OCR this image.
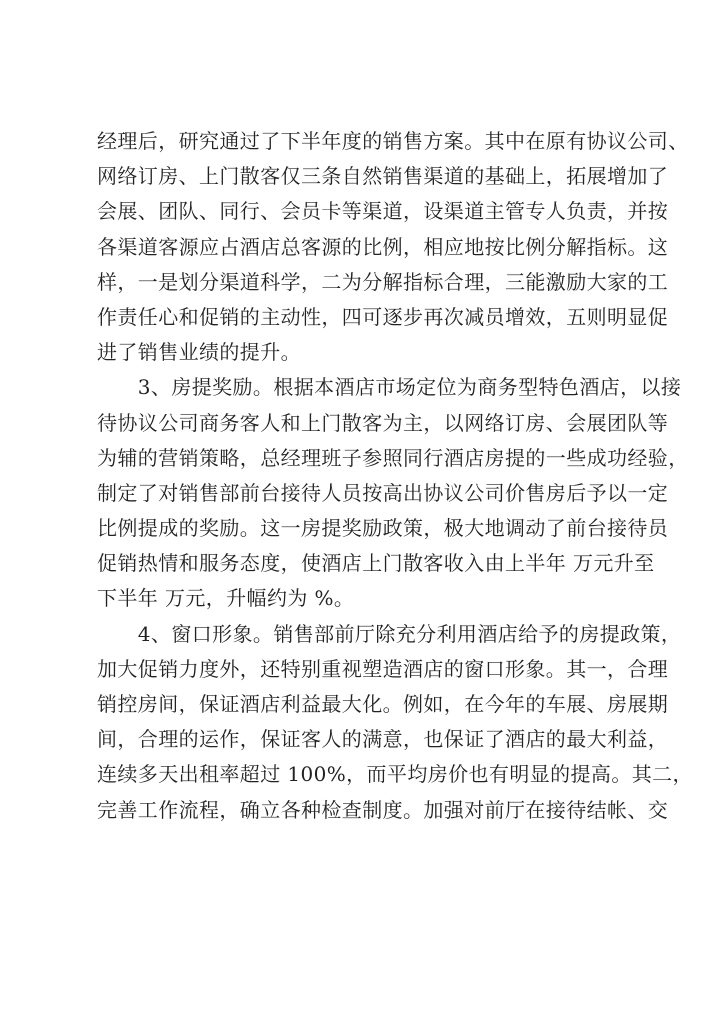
经理后，研究通过了下半年度的销售方案。其中在原有协议公司、
网络订房、上门散客仅三条自然销售渠道的基础上，拓展增加了
会展、团队、同行、会员卡等渠道，设渠道主管专人负责，并按
各渠道客源应占酒店总客源的比例，相应地按比例分解指标。这
样，一是划分渠道科学，二为分解指标合理，三能激励大家的工
作责任心和促销的主动性，四可逐步再次减员增效，五则明显促
进了销售业绩的提升。
　　3、房提奖励。根据本酒店市场定位为商务型特色酒店，以接
待协议公司商务客人和上门散客为主，以网络订房、会展团队等
为辅的营销策略，总经理班子参照同行酒店房提的一些成功经验，
制定了对销售部前台接待人员按高出协议公司价售房后予以一定
比例提成的奖励。这一房提奖励政策，极大地调动了前台接待员
促销热情和服务态度，使酒店上门散客收入由上半年 万元升至
下半年 万元，升幅约为 %。
　　4、窗口形象。销售部前厅除充分利用酒店给予的房提政策，
加大促销力度外，还特别重视塑造酒店的窗口形象。其一，合理
销控房间，保证酒店利益最大化。例如，在今年的车展、房展期
间，合理的运作，保证客人的满意，也保证了酒店的最大利益，
连续多天出租率超过 100%，而平均房价也有明显的提高。其二，
完善工作流程，确立各种检查制度。加强对前厅在接待结帐、交
